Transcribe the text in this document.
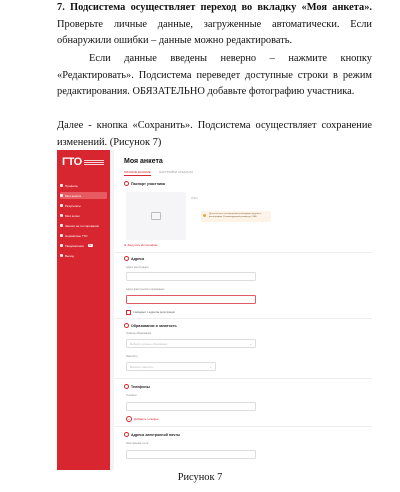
7. Подсистема осуществляет переход во вкладку «Моя анкета». Проверьте личные данные, загруженные автоматически. Если обнаружили ошибки – данные можно редактировать.

Если данные введены неверно – нажмите кнопку «Редактировать». Подсистема переведет доступные строки в режим редактирования. ОБЯЗАТЕЛЬНО добавьте фотографию участника.

Далее - кнопка «Сохранить». Подсистема осуществляет сохранение изменений. (Рисунок 7)

ГТО
Профиль
Моя анкета
Результаты
Мои копии
Записи на тестирование
Нормативы ГТО
Уведомления	12
Выход
Моя анкета
ЛИЧНЫЕ ДАННЫЕ	НАСТРОЙКИ АККАУНТА
Паспорт участника
JPEG
Для участия в тестировании необходимо загрузить фотографию. Рекомендуемый размер до 5 МБ
⊕ Загрузить фотографию
Адреса
Адрес регистрации
Адрес фактического проживания
Совпадает с адресом регистрации
Образование и занятость
Уровень образования
⌄
Выберите уровень образования
Занятость
⌄
Выберите занятость
Телефоны
Телефон
+	Добавить телефон
Адреса электронной почты
Электронная почта
Рисунок 7
